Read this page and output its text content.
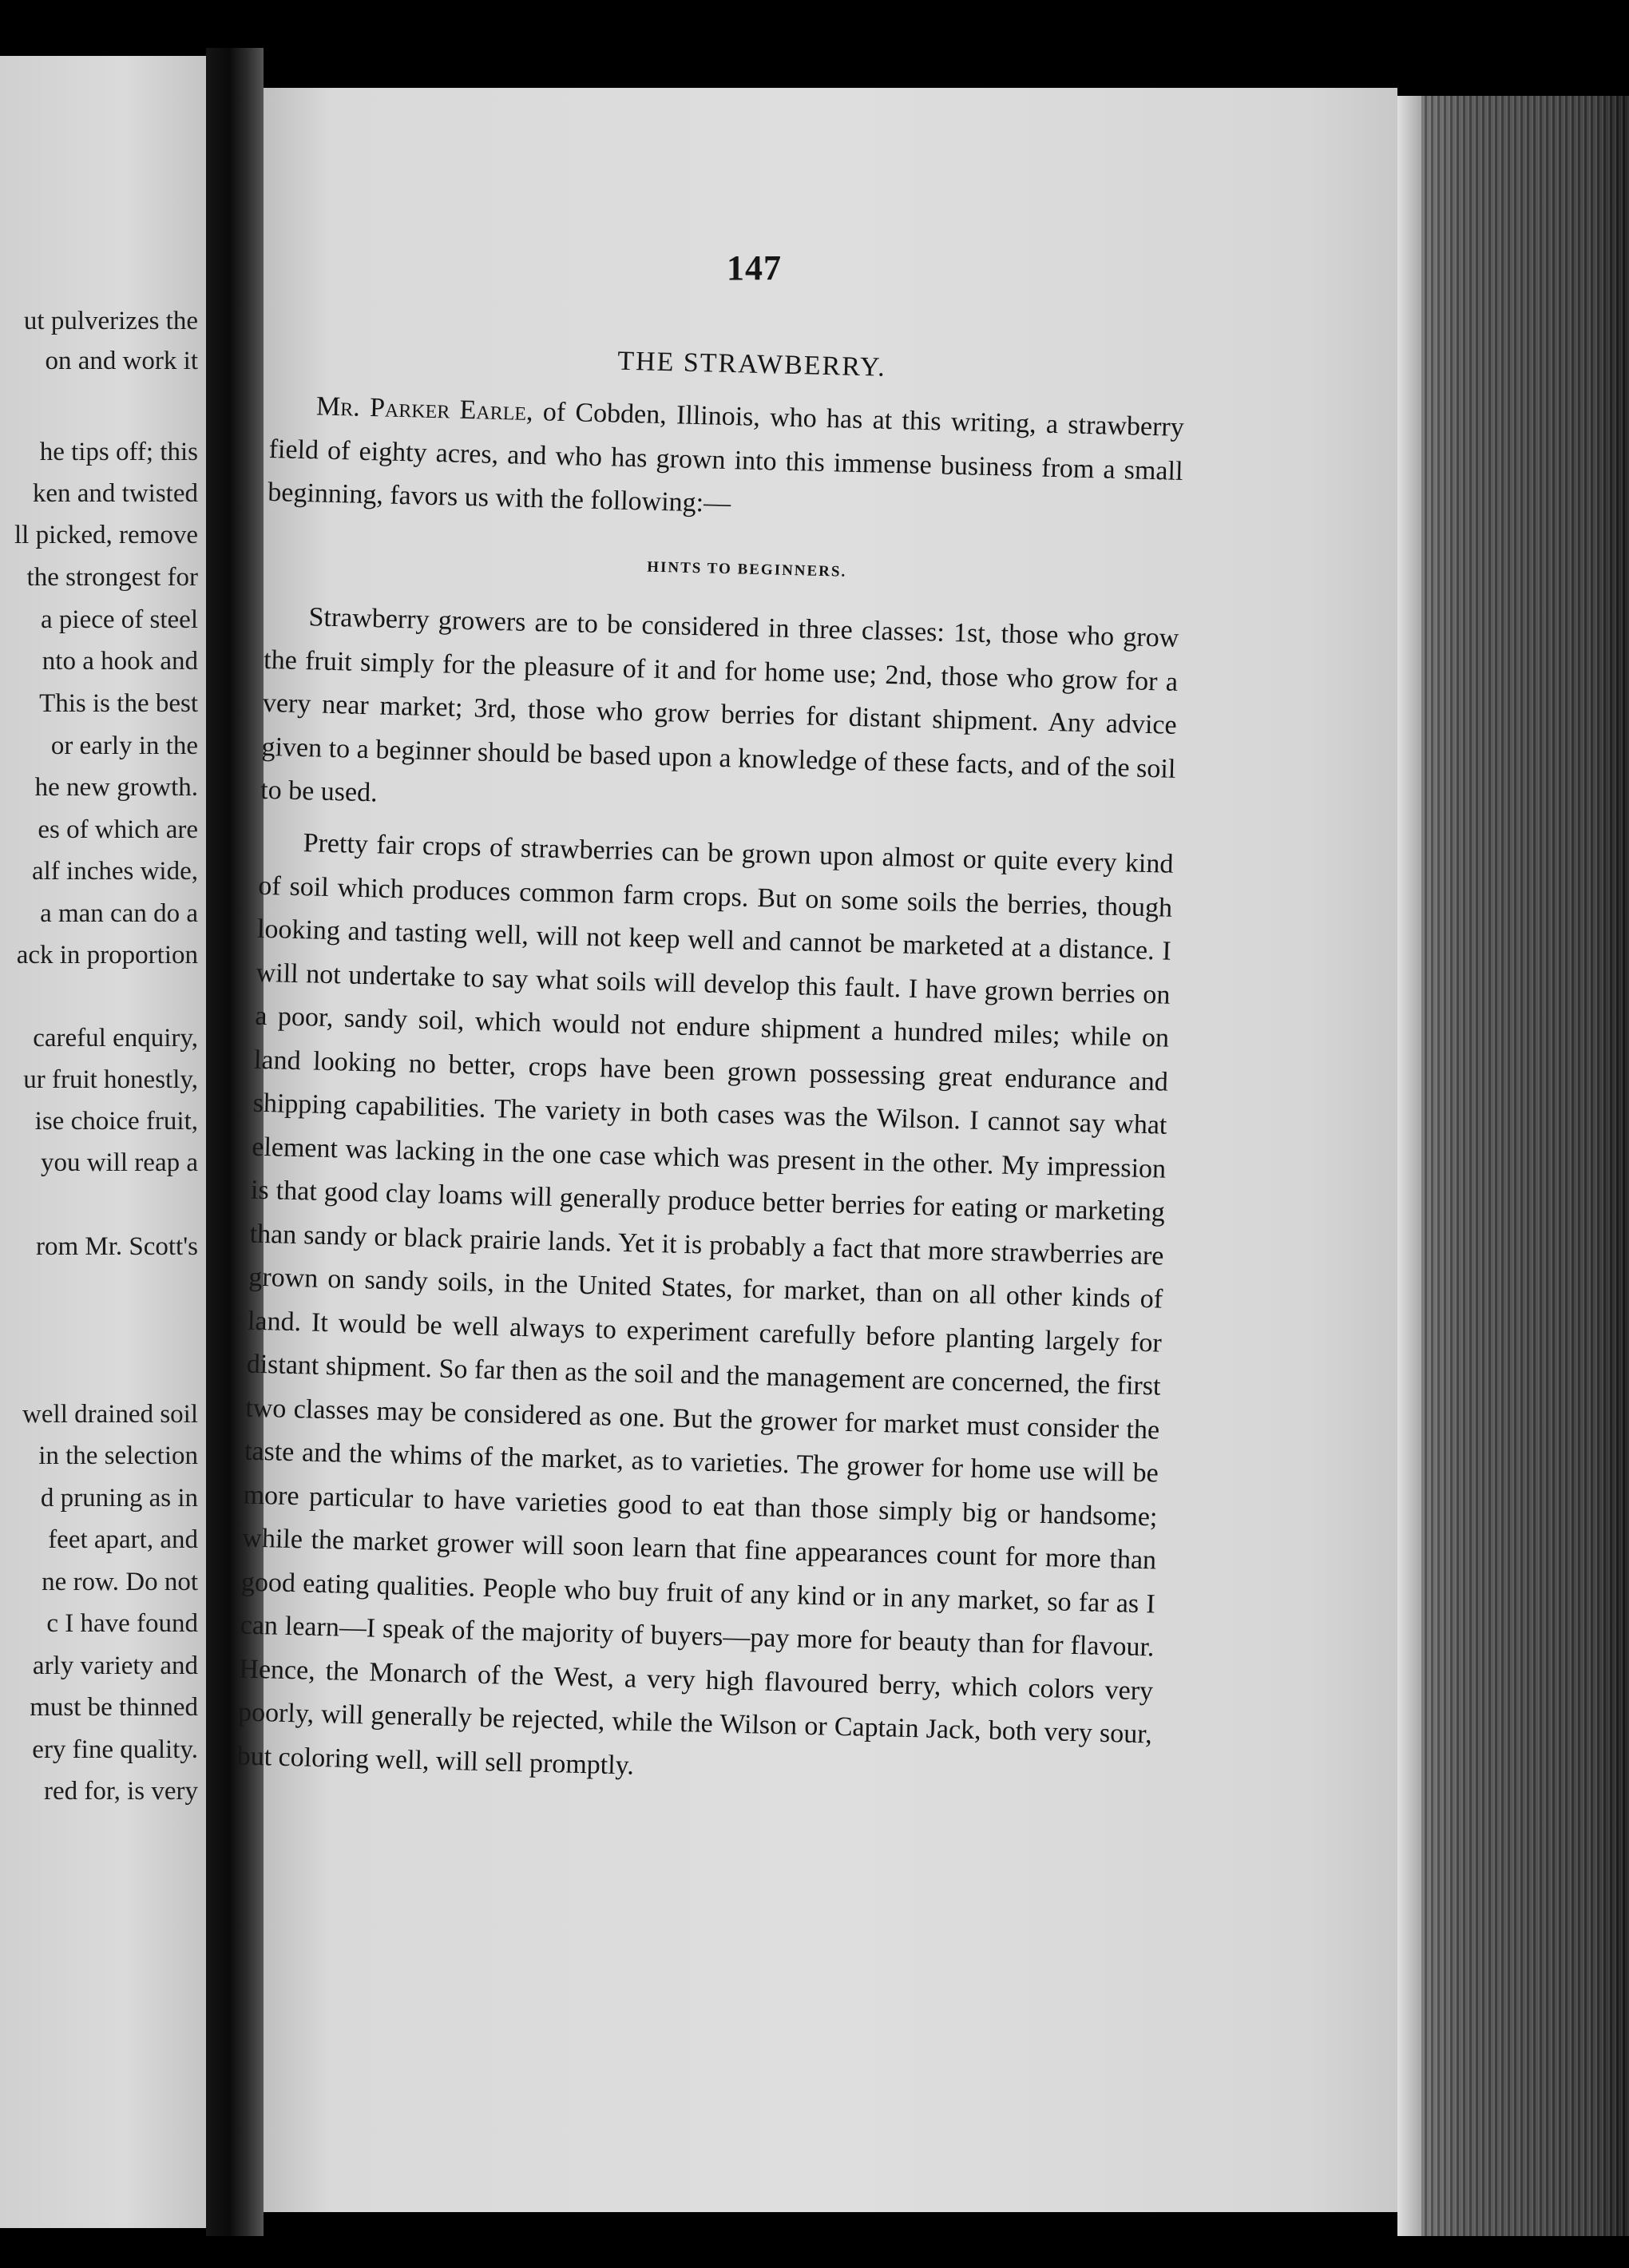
ut pulverizes the
on and work it
he tips off; this
ken and twisted
ll picked, remove
the strongest for
a piece of steel
nto a hook and
This is the best
or early in the
he new growth.
es of which are
alf inches wide,
a man can do a
ack in proportion
careful enquiry,
ur fruit honestly,
ise choice fruit,
you will reap a
rom Mr. Scott's
well drained soil
in the selection
d pruning as in
feet apart, and
ne row. Do not
c I have found
arly variety and
must be thinned
ery fine quality.
red for, is very
147
THE STRAWBERRY.
Mr. Parker Earle, of Cobden, Illinois, who has at this writing, a strawberry field of eighty acres, and who has grown into this immense business from a small beginning, favors us with the following:—
HINTS TO BEGINNERS.
Strawberry growers are to be considered in three classes: 1st, those who grow the fruit simply for the pleasure of it and for home use; 2nd, those who grow for a very near market; 3rd, those who grow berries for distant shipment. Any advice given to a beginner should be based upon a knowledge of these facts, and of the soil to be used.
Pretty fair crops of strawberries can be grown upon almost or quite every kind of soil which produces common farm crops. But on some soils the berries, though looking and tasting well, will not keep well and cannot be marketed at a distance. I will not undertake to say what soils will develop this fault. I have grown berries on a poor, sandy soil, which would not endure shipment a hundred miles; while on land looking no better, crops have been grown possessing great endurance and shipping capabilities. The variety in both cases was the Wilson. I cannot say what element was lacking in the one case which was present in the other. My impression is that good clay loams will generally produce better berries for eating or marketing than sandy or black prairie lands. Yet it is probably a fact that more strawberries are grown on sandy soils, in the United States, for market, than on all other kinds of land. It would be well always to experiment carefully before planting largely for distant shipment. So far then as the soil and the management are concerned, the first two classes may be considered as one. But the grower for market must consider the taste and the whims of the market, as to varieties. The grower for home use will be more particular to have varieties good to eat than those simply big or handsome; while the market grower will soon learn that fine appearances count for more than good eating qualities. People who buy fruit of any kind or in any market, so far as I can learn—I speak of the majority of buyers—pay more for beauty than for flavour. Hence, the Monarch of the West, a very high flavoured berry, which colors very poorly, will generally be rejected, while the Wilson or Captain Jack, both very sour, but coloring well, will sell promptly.
